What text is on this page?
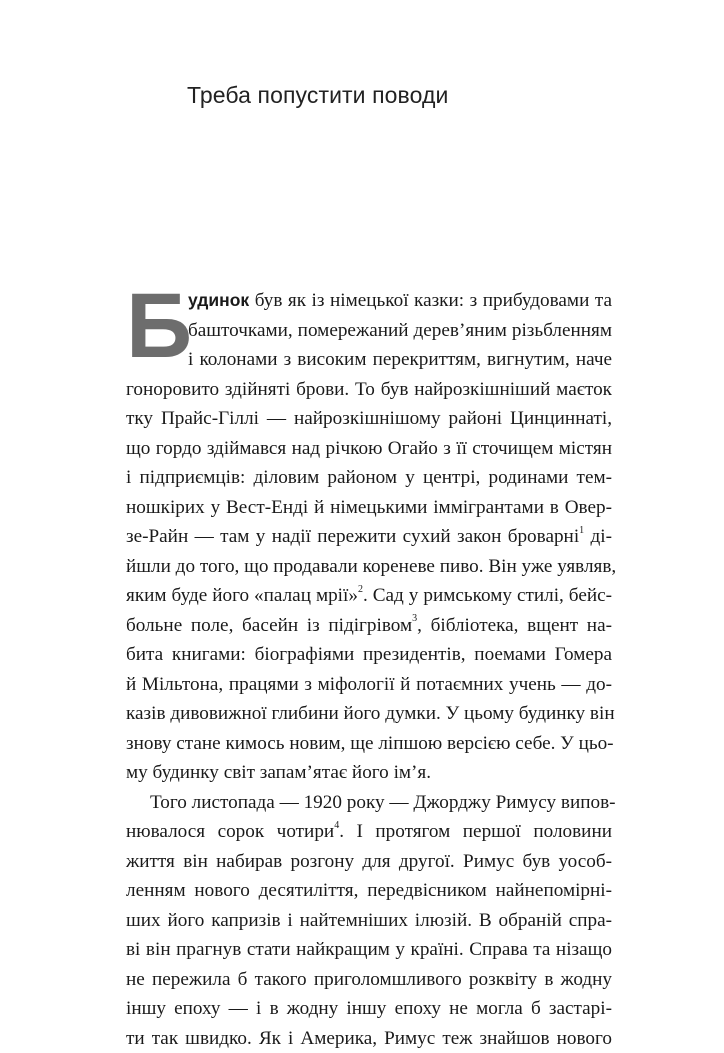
Треба попустити поводи
Б
удинок був як із німецької казки: з прибудовами та
башточками, помережаний дерев’яним різьбленням
і колонами з високим перекриттям, вигнутим, наче
гоноровито здійняті брови. То був найрозкішніший маєток
тку Прайс-Гіллі — найрозкішнішому районі Цинциннаті,
що гордо здіймався над річкою Огайо з її сточищем містян
і підприємців: діловим районом у центрі, родинами тем-
ношкірих у Вест-Енді й німецькими іммігрантами в Овер-
зе-Райн — там у надії пережити сухий закон броварні$^1$ ді-
йшли до того, що продавали кореневе пиво. Він уже уявляв,
яким буде його «палац мрії»$^2$. Сад у римському стилі, бейс-
больне поле, басейн із підігрівом$^3$, бібліотека, вщент на-
бита книгами: біографіями президентів, поемами Гомера
й Мільтона, працями з міфології й потаємних учень — до-
казів дивовижної глибини його думки. У цьому будинку він
знову стане кимось новим, ще ліпшою версією себе. У цьо-
му будинку світ запам’ятає його ім’я.
Того листопада — 1920 року — Джорджу Римусу випов-
нювалося сорок чотири$^4$. І протягом першої половини
життя він набирав розгону для другої. Римус був уособ-
ленням нового десятиліття, передвісником найнепомірні-
ших його капризів і найтемніших ілюзій. В обраній спра-
ві він прагнув стати найкращим у країні. Справа та нізащо
не пережила б такого приголомшливого розквіту в жодну
іншу епоху — і в жодну іншу епоху не могла б застарі-
ти так швидко. Як і Америка, Римус теж знайшов нового
